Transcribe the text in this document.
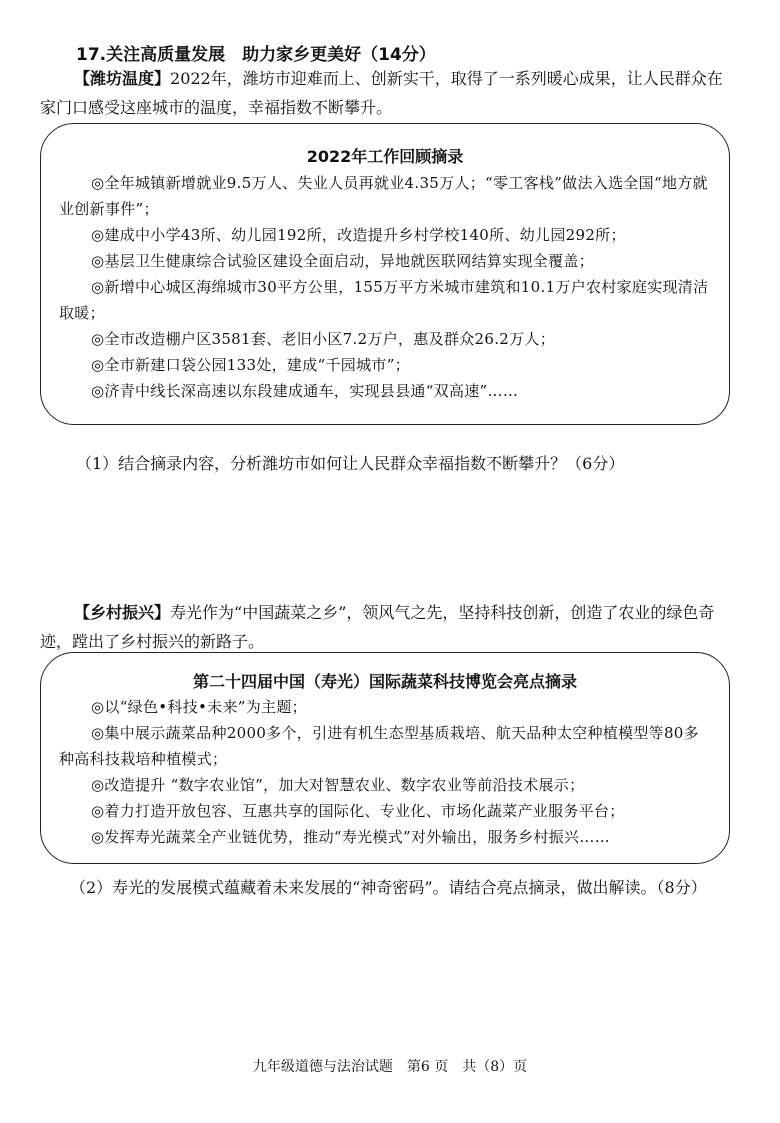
17.关注高质量发展　助力家乡更美好（14分）
【潍坊温度】2022年，潍坊市迎难而上、创新实干，取得了一系列暖心成果，让人民群众在家门口感受这座城市的温度，幸福指数不断攀升。
2022年工作回顾摘录
◎全年城镇新增就业9.5万人、失业人员再就业4.35万人；“零工客栈”做法入选全国“地方就业创新事件”；
◎建成中小学43所、幼儿园192所，改造提升乡村学校140所、幼儿园292所；
◎基层卫生健康综合试验区建设全面启动，异地就医联网结算实现全覆盖；
◎新增中心城区海绵城市30平方公里，155万平方米城市建筑和10.1万户农村家庭实现清洁取暖；
◎全市改造棚户区3581套、老旧小区7.2万户，惠及群众26.2万人；
◎全市新建口袋公园133处，建成“千园城市”；
◎济青中线长深高速以东段建成通车，实现县县通“双高速”……
（1）结合摘录内容，分析潍坊市如何让人民群众幸福指数不断攀升？（6分）
【乡村振兴】寿光作为“中国蔬菜之乡”，领风气之先，坚持科技创新，创造了农业的绿色奇迹，蹚出了乡村振兴的新路子。
第二十四届中国（寿光）国际蔬菜科技博览会亮点摘录
◎以“绿色•科技•未来”为主题；
◎集中展示蔬菜品种2000多个，引进有机生态型基质栽培、航天品种太空种植模型等80多种高科技栽培种植模式；
◎改造提升 “数字农业馆”，加大对智慧农业、数字农业等前沿技术展示；
◎着力打造开放包容、互惠共享的国际化、专业化、市场化蔬菜产业服务平台；
◎发挥寿光蔬菜全产业链优势，推动“寿光模式”对外输出，服务乡村振兴……
（2）寿光的发展模式蕴藏着未来发展的“神奇密码”。请结合亮点摘录，做出解读。（8分）
九年级道德与法治试题　第6 页　共（8）页
